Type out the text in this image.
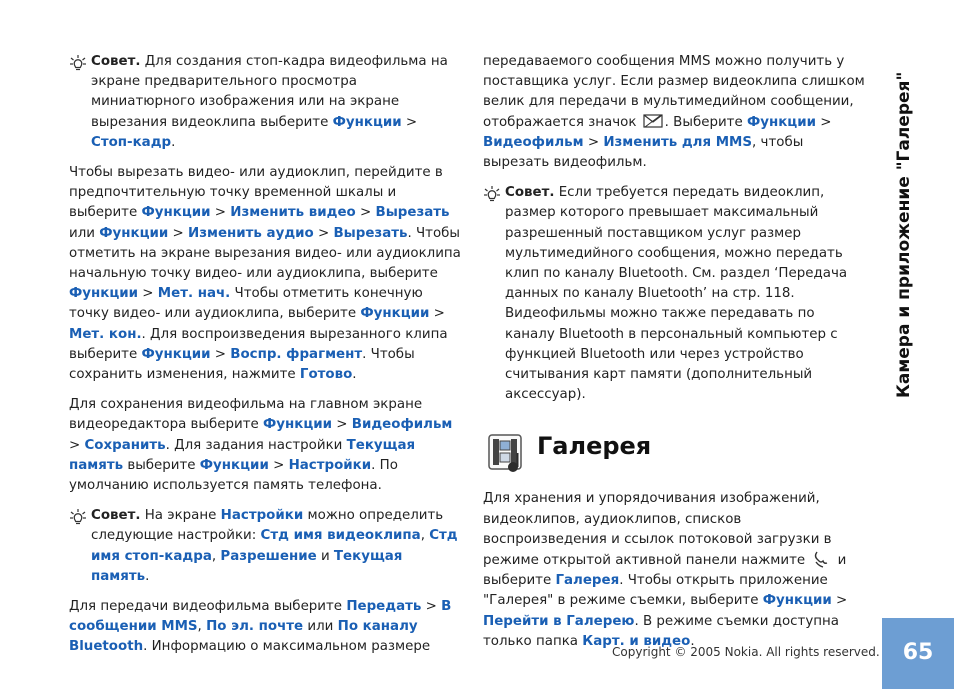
Совет. Для создания стоп-кадра видеофильма на экране предварительного просмотра миниатюрного изображения или на экране вырезания видеоклипа выберите Функции > Стоп-кадр.

Чтобы вырезать видео- или аудиоклип, перейдите в предпочтительную точку временной шкалы и выберите Функции > Изменить видео > Вырезать или Функции > Изменить аудио > Вырезать. Чтобы отметить на экране вырезания видео- или аудиоклипа начальную точку видео- или аудиоклипа, выберите Функции > Мет. нач. Чтобы отметить конечную точку видео- или аудиоклипа, выберите Функции > Мет. кон.. Для воспроизведения вырезанного клипа выберите Функции > Воспр. фрагмент. Чтобы сохранить изменения, нажмите Готово.

Для сохранения видеофильма на главном экране видеоредактора выберите Функции > Видеофильм > Сохранить. Для задания настройки Текущая память выберите Функции > Настройки. По умолчанию используется память телефона.

Совет. На экране Настройки можно определить следующие настройки: Стд имя видеоклипа, Стд имя стоп-кадра, Разрешение и Текущая память.

Для передачи видеофильма выберите Передать > В сообщении MMS, По эл. почте или По каналу Bluetooth. Информацию о максимальном размере

передаваемого сообщения MMS можно получить у поставщика услуг. Если размер видеоклипа слишком велик для передачи в мультимедийном сообщении, отображается значок . Выберите Функции > Видеофильм > Изменить для MMS, чтобы вырезать видеофильм.

Совет. Если требуется передать видеоклип, размер которого превышает максимальный разрешенный поставщиком услуг размер мультимедийного сообщения, можно передать клип по каналу Bluetooth. См. раздел ‘Передача данных по каналу Bluetooth’ на стр. 118. Видеофильмы можно также передавать по каналу Bluetooth в персональный компьютер с функцией Bluetooth или через устройство считывания карт памяти (дополнительный аксессуар).
Галерея

Для хранения и упорядочивания изображений, видеоклипов, аудиоклипов, списков воспроизведения и ссылок потоковой загрузки в режиме открытой активной панели нажмите  и выберите Галерея. Чтобы открыть приложение "Галерея" в режиме съемки, выберите Функции > Перейти в Галерею. В режиме съемки доступна только папка Карт. и видео.

Камера и приложение "Галерея"
65
Copyright © 2005 Nokia. All rights reserved.
